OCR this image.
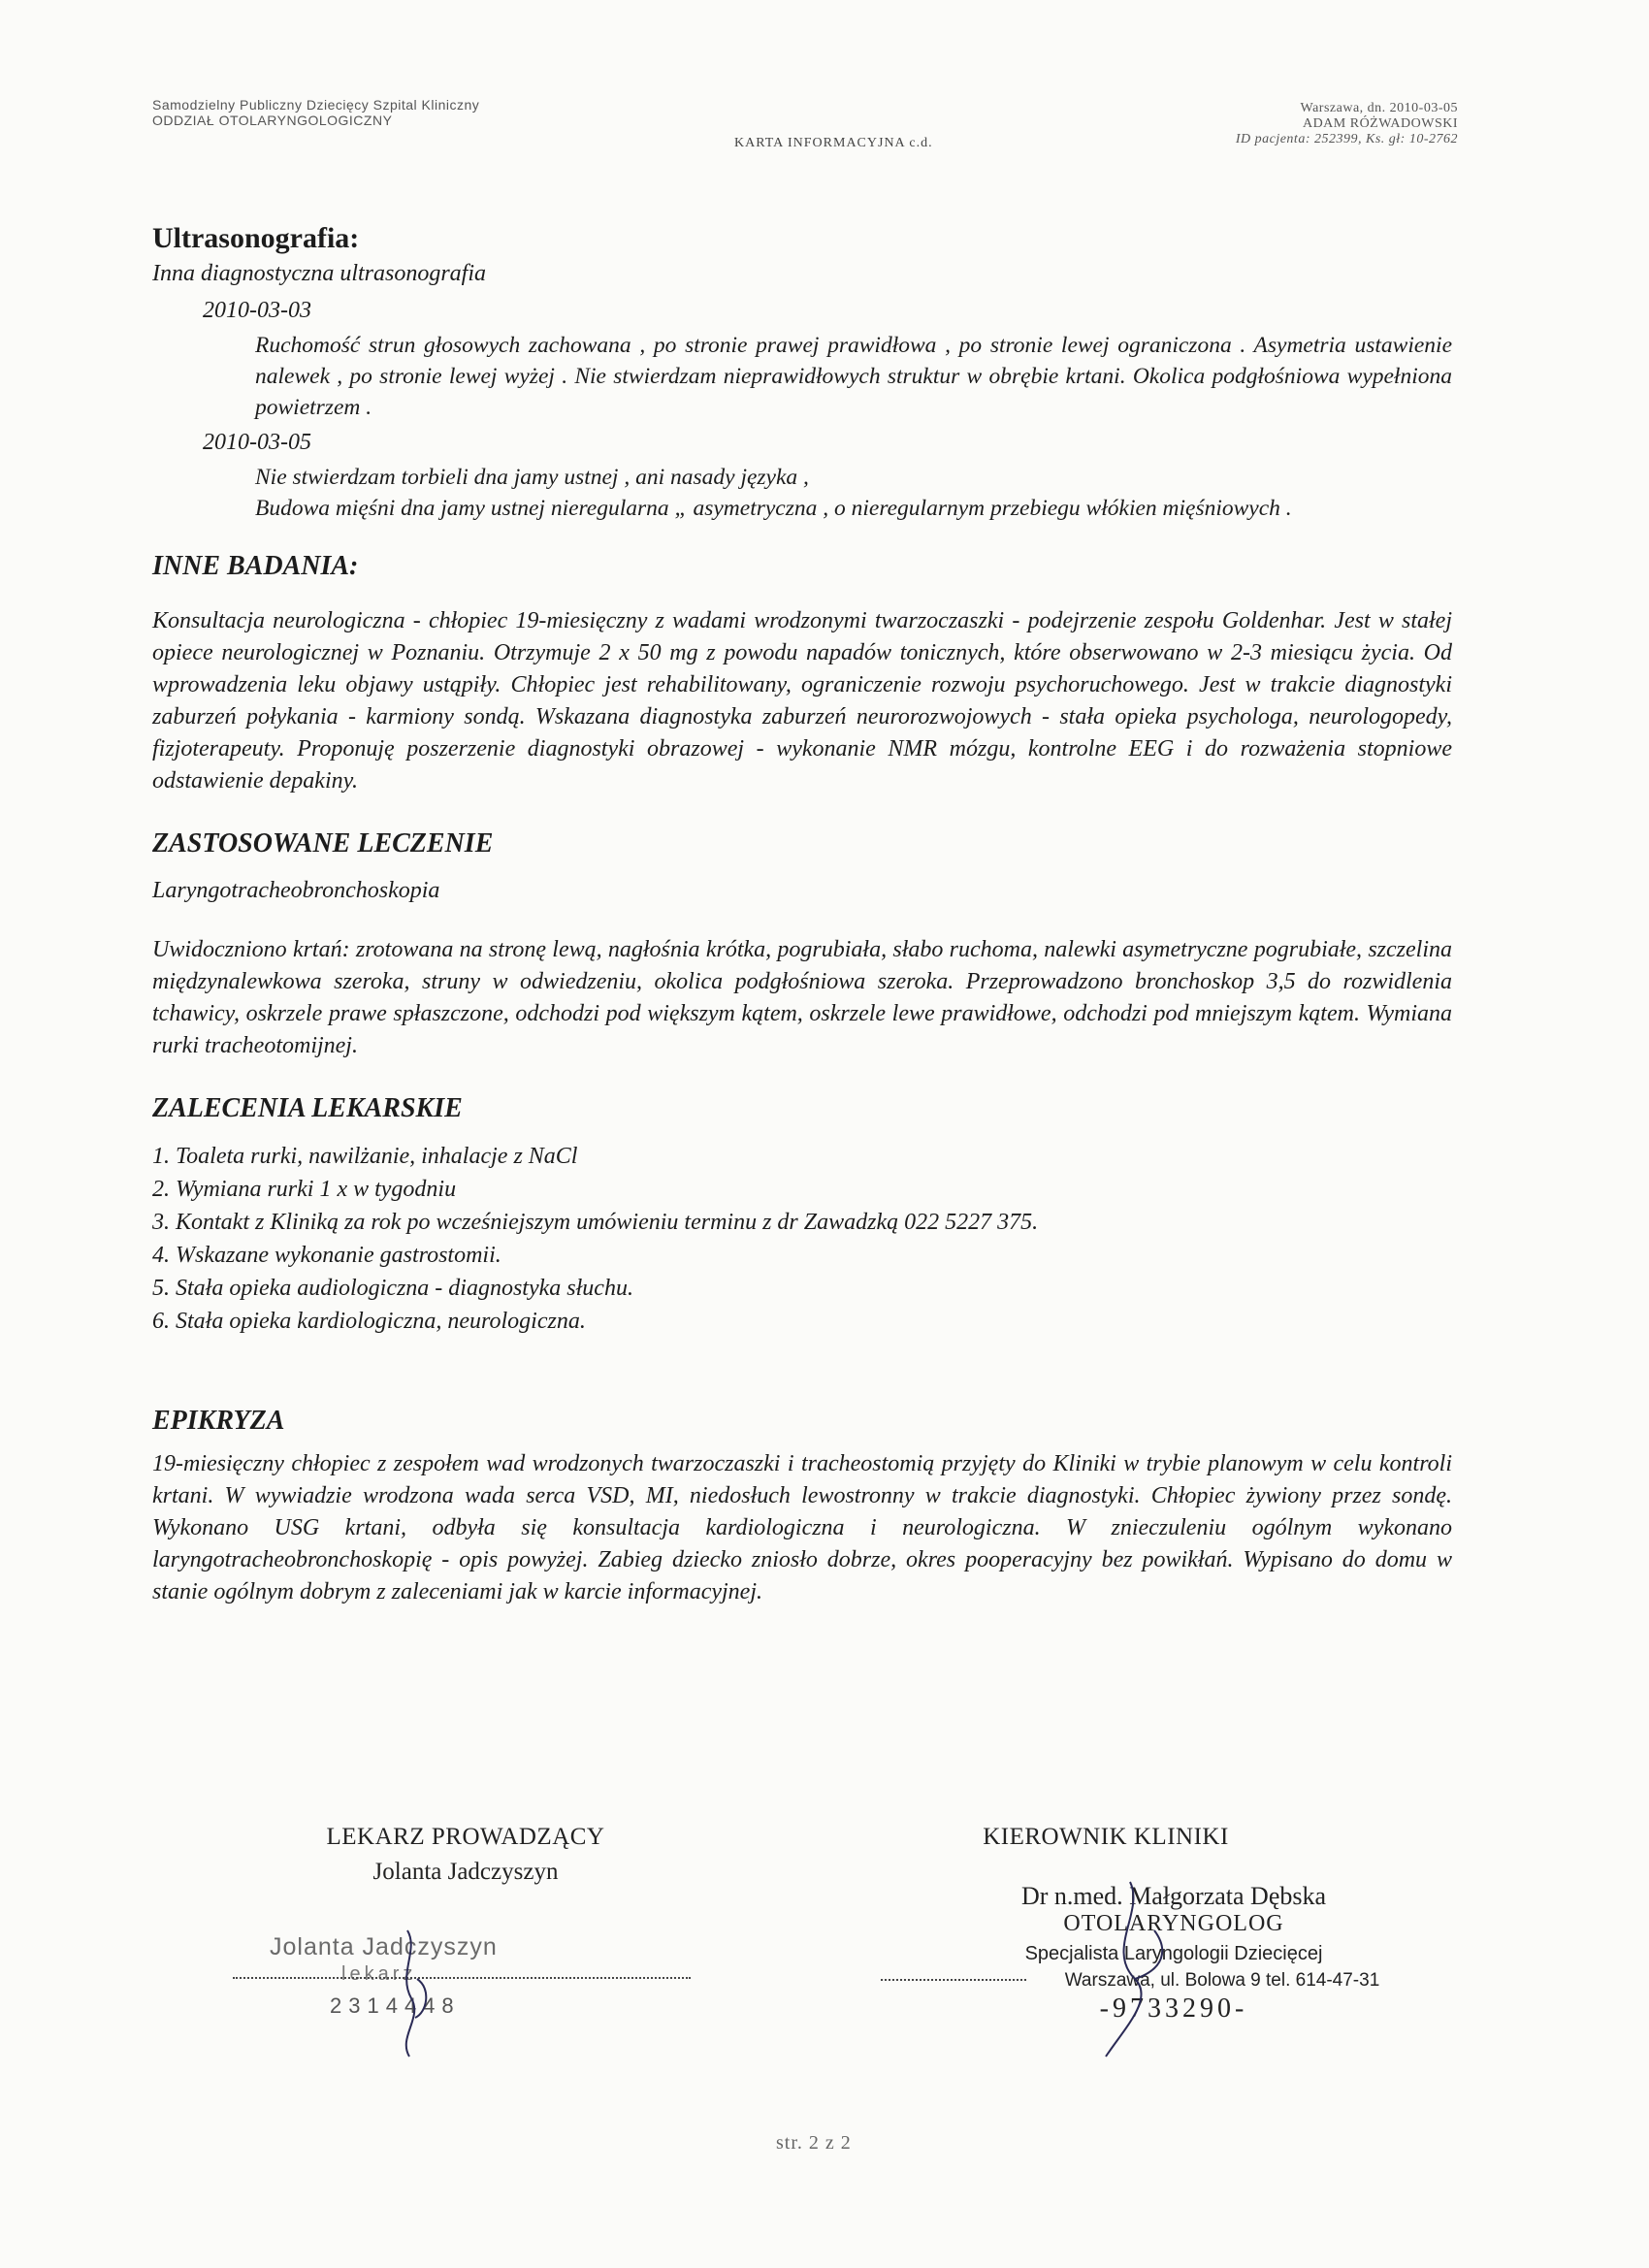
Samodzielny Publiczny Dziecięcy Szpital Kliniczny
ODDZIAŁ OTOLARYNGOLOGICZNY
KARTA INFORMACYJNA c.d.
Warszawa, dn. 2010-03-05
ADAM RÓŻWADOWSKI
ID pacjenta: 252399, Ks. gł: 10-2762
Ultrasonografia:

Inna diagnostyczna ultrasonografia

2010-03-03
Ruchomość strun głosowych zachowana , po stronie prawej prawidłowa , po stronie lewej ograniczona . Asymetria ustawienie nalewek , po stronie lewej wyżej . Nie stwierdzam nieprawidłowych struktur w obrębie krtani. Okolica podgłośniowa wypełniona powietrzem .
2010-03-05
Nie stwierdzam torbieli dna jamy ustnej , ani nasady języka ,
Budowa mięśni dna jamy ustnej nieregularna „ asymetryczna , o nieregularnym przebiegu włókien mięśniowych .
INNE BADANIA:

Konsultacja neurologiczna - chłopiec 19-miesięczny z wadami wrodzonymi twarzoczaszki - podejrzenie zespołu Goldenhar. Jest w stałej opiece neurologicznej w Poznaniu. Otrzymuje 2 x 50 mg z powodu napadów tonicznych, które obserwowano w 2-3 miesiącu życia. Od wprowadzenia leku objawy ustąpiły. Chłopiec jest rehabilitowany, ograniczenie rozwoju psychoruchowego. Jest w trakcie diagnostyki zaburzeń połykania - karmiony sondą. Wskazana diagnostyka zaburzeń neurorozwojowych - stała opieka psychologa, neurologopedy, fizjoterapeuty. Proponuję poszerzenie diagnostyki obrazowej - wykonanie NMR mózgu, kontrolne EEG i do rozważenia stopniowe odstawienie depakiny.

ZASTOSOWANE LECZENIE

Laryngotracheobronchoskopia

Uwidoczniono krtań: zrotowana na stronę lewą, nagłośnia krótka, pogrubiała, słabo ruchoma, nalewki asymetryczne pogrubiałe, szczelina międzynalewkowa szeroka, struny w odwiedzeniu, okolica podgłośniowa szeroka. Przeprowadzono bronchoskop 3,5 do rozwidlenia tchawicy, oskrzele prawe spłaszczone, odchodzi pod większym kątem, oskrzele lewe prawidłowe, odchodzi pod mniejszym kątem. Wymiana rurki tracheotomijnej.

ZALECENIA LEKARSKIE
1. Toaleta rurki, nawilżanie, inhalacje z NaCl
2. Wymiana rurki 1 x w tygodniu
3. Kontakt z Kliniką za rok po wcześniejszym umówieniu terminu z dr Zawadzką 022 5227 375.
4. Wskazane wykonanie gastrostomii.
5. Stała opieka audiologiczna - diagnostyka słuchu.
6. Stała opieka kardiologiczna, neurologiczna.
EPIKRYZA

19-miesięczny chłopiec z zespołem wad wrodzonych twarzoczaszki i tracheostomią przyjęty do Kliniki w trybie planowym w celu kontroli krtani. W wywiadzie wrodzona wada serca VSD, MI, niedosłuch lewostronny w trakcie diagnostyki. Chłopiec żywiony przez sondę. Wykonano USG krtani, odbyła się konsultacja kardiologiczna i neurologiczna. W znieczuleniu ogólnym wykonano laryngotracheobronchoskopię - opis powyżej. Zabieg dziecko zniosło dobrze, okres pooperacyjny bez powikłań. Wypisano do domu w stanie ogólnym dobrym z zaleceniami jak w karcie informacyjnej.

LEKARZ PROWADZĄCY
Jolanta Jadczyszyn
Jolanta Jadczyszyn
lekarz
2314448
KIEROWNIK KLINIKI
Dr n.med. Małgorzata Dębska
OTOLARYNGOLOG
Specjalista Laryngologii Dziecięcej
Warszawa, ul. Bolowa 9 tel. 614-47-31
-9733290-
str. 2 z 2
